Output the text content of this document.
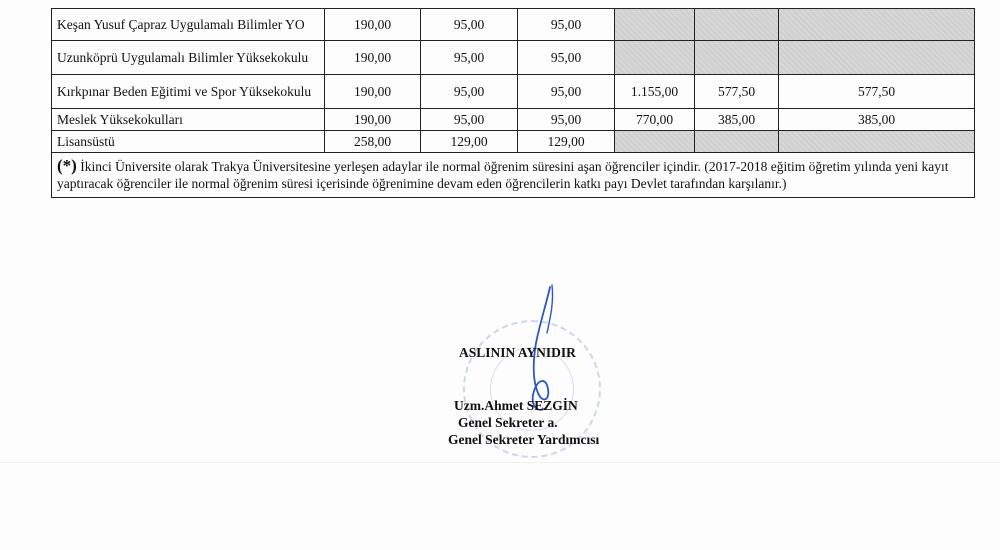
Keşan Yusuf Çapraz Uygulamalı Bilimler YO	190,00	95,00	95,00			
Uzunköprü Uygulamalı Bilimler Yüksekokulu	190,00	95,00	95,00			
Kırkpınar Beden Eğitimi ve Spor Yüksekokulu	190,00	95,00	95,00	1.155,00	577,50	577,50
Meslek Yüksekokulları	190,00	95,00	95,00	770,00	385,00	385,00
Lisansüstü	258,00	129,00	129,00			
(*) İkinci Üniversite olarak Trakya Üniversitesine yerleşen adaylar ile normal öğrenim süresini aşan öğrenciler içindir. (2017-2018 eğitim öğretim yılında yeni kayıt yaptıracak öğrenciler ile normal öğrenim süresi içerisinde öğrenimine devam eden öğrencilerin katkı payı Devlet tarafından karşılanır.)						
ASLININ AYNIDIR
Uzm.Ahmet SEZGİN
Genel Sekreter a.
Genel Sekreter Yardımcısı
